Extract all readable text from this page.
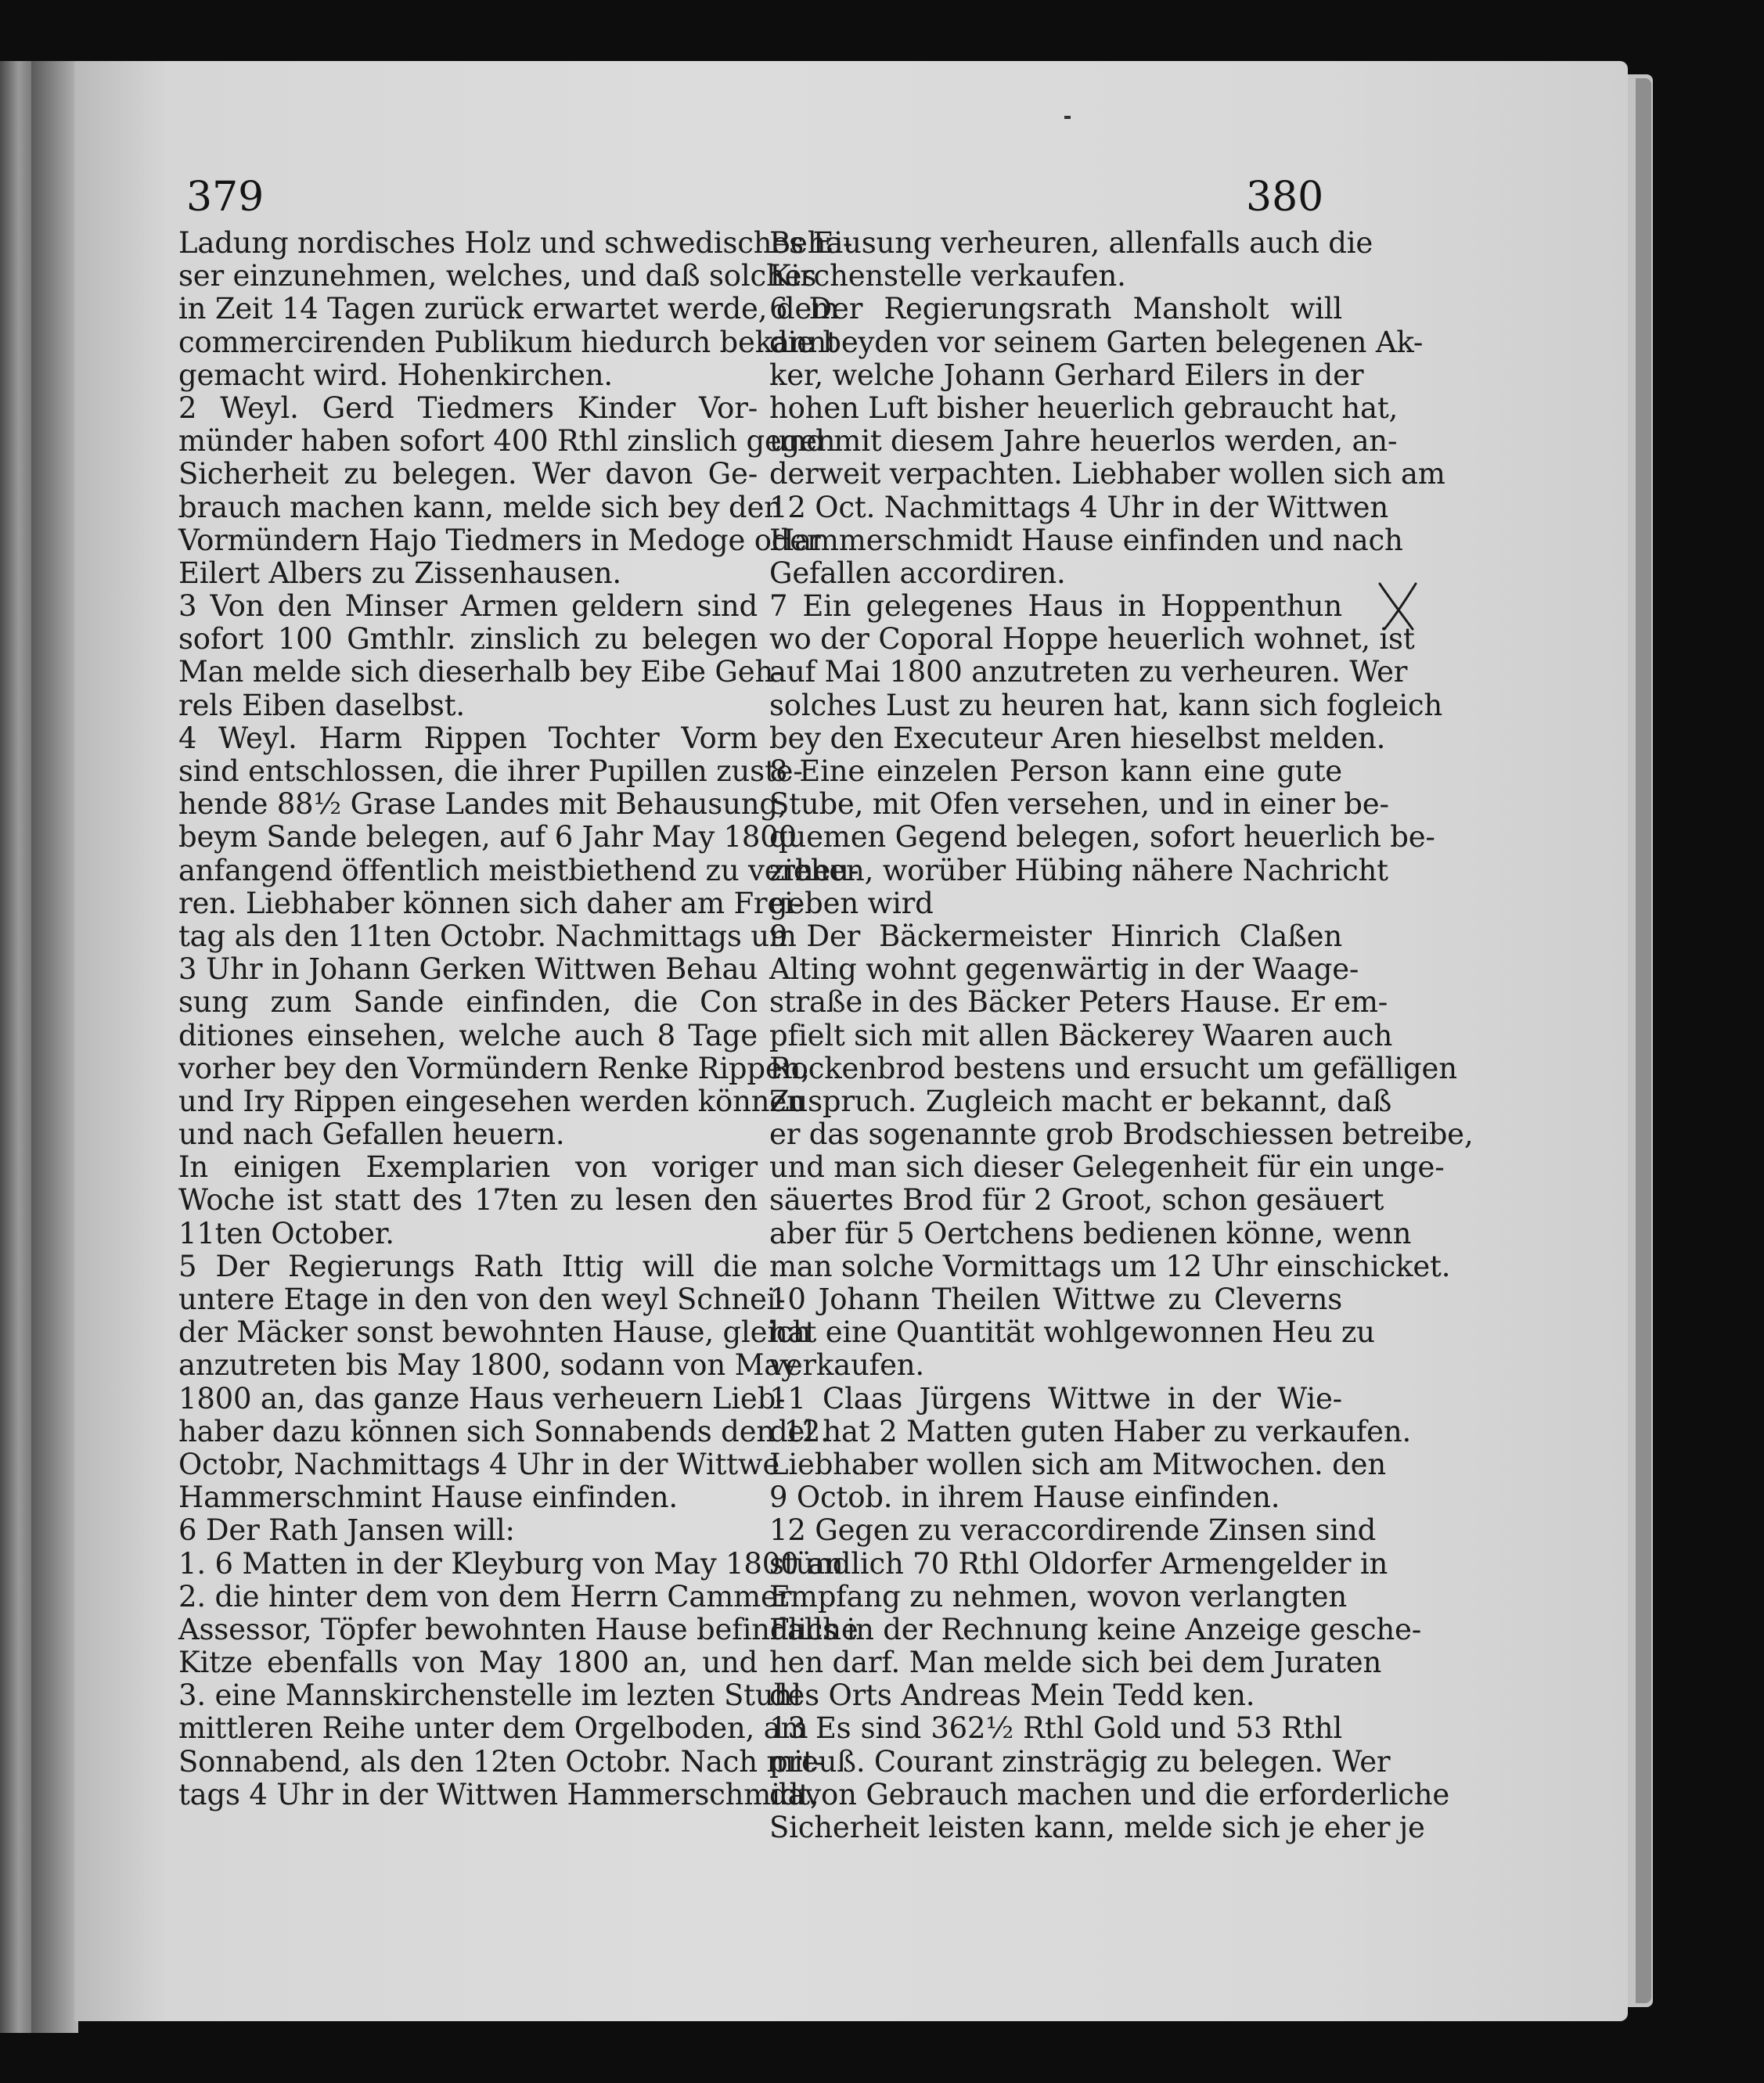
379	380
Ladung nordisches Holz und schwedisches Ei-
ser einzunehmen, welches, und daß solches
in Zeit 14 Tagen zurück erwartet werde, dem
commercirenden Publikum hiedurch bekannt
gemacht wird. Hohenkirchen.
2 Weyl. Gerd Tiedmers Kinder Vor-
münder haben sofort 400 Rthl zinslich gegen
Sicherheit zu belegen. Wer davon Ge-
brauch machen kann, melde sich bey den
Vormündern Hajo Tiedmers in Medoge oder
Eilert Albers zu Zissenhausen.
3 Von den Minser Armen geldern sind
sofort 100 Gmthlr. zinslich zu belegen
Man melde sich dieserhalb bey Eibe Geh-
rels Eiben daselbst.
4 Weyl. Harm Rippen Tochter Vorm
sind entschlossen, die ihrer Pupillen zuste-
hende 88½ Grase Landes mit Behausung,
beym Sande belegen, auf 6 Jahr May 1800
anfangend öffentlich meistbiethend zu verheu-
ren. Liebhaber können sich daher am Frei-
tag als den 11ten Octobr. Nachmittags um
3 Uhr in Johann Gerken Wittwen Behau
sung zum Sande einfinden, die Con
ditiones einsehen, welche auch 8 Tage
vorher bey den Vormündern Renke Rippen,
und Iry Rippen eingesehen werden können
und nach Gefallen heuern.
In einigen Exemplarien von voriger
Woche ist statt des 17ten zu lesen den
11ten October.
5 Der Regierungs Rath Ittig will die
untere Etage in den von den weyl Schnei-
der Mäcker sonst bewohnten Hause, gleich
anzutreten bis May 1800, sodann von May
1800 an, das ganze Haus verheuern Lieb-
haber dazu können sich Sonnabends den 12.
Octobr, Nachmittags 4 Uhr in der Wittwe
Hammerschmint Hause einfinden.
6 Der Rath Jansen will:
1. 6 Matten in der Kleyburg von May 1800 an
2. die hinter dem von dem Herrn Cammer
Assessor, Töpfer bewohnten Hause befindliche
Kitze ebenfalls von May 1800 an, und
3. eine Mannskirchenstelle im lezten Stuhl
mittleren Reihe unter dem Orgelboden, am
Sonnabend, als den 12ten Octobr. Nach mit-
tags 4 Uhr in der Wittwen Hammerschmidt,
Behausung verheuren, allenfalls auch die
Kirchenstelle verkaufen.
6 Der Regierungsrath Mansholt will
die beyden vor seinem Garten belegenen Ak-
ker, welche Johann Gerhard Eilers in der
hohen Luft bisher heuerlich gebraucht hat,
und mit diesem Jahre heuerlos werden, an-
derweit verpachten. Liebhaber wollen sich am
12 Oct. Nachmittags 4 Uhr in der Wittwen
Hammerschmidt Hause einfinden und nach
Gefallen accordiren.
7 Ein gelegenes Haus in Hoppenthun
wo der Coporal Hoppe heuerlich wohnet, ist
auf Mai 1800 anzutreten zu verheuren. Wer
solches Lust zu heuren hat, kann sich fogleich
bey den Executeur Aren hieselbst melden.
8 Eine einzelen Person kann eine gute
Stube, mit Ofen versehen, und in einer be-
quemen Gegend belegen, sofort heuerlich be-
ziehen, worüber Hübing nähere Nachricht
geben wird
9 Der Bäckermeister Hinrich Claßen
Alting wohnt gegenwärtig in der Waage-
straße in des Bäcker Peters Hause. Er em-
pfielt sich mit allen Bäckerey Waaren auch
Rockenbrod bestens und ersucht um gefälligen
Zuspruch. Zugleich macht er bekannt, daß
er das sogenannte grob Brodschiessen betreibe,
und man sich dieser Gelegenheit für ein unge-
säuertes Brod für 2 Groot, schon gesäuert
aber für 5 Oertchens bedienen könne, wenn
man solche Vormittags um 12 Uhr einschicket.
10 Johann Theilen Wittwe zu Cleverns
hat eine Quantität wohlgewonnen Heu zu
verkaufen.
11 Claas Jürgens Wittwe in der Wie-
del hat 2 Matten guten Haber zu verkaufen.
Liebhaber wollen sich am Mitwochen. den
9 Octob. in ihrem Hause einfinden.
12 Gegen zu veraccordirende Zinsen sind
stündlich 70 Rthl Oldorfer Armengelder in
Empfang zu nehmen, wovon verlangten
Falls in der Rechnung keine Anzeige gesche-
hen darf. Man melde sich bei dem Juraten
des Orts Andreas Mein Tedd ken.
13 Es sind 362½ Rthl Gold und 53 Rthl
preuß. Courant zinsträgig zu belegen. Wer
davon Gebrauch machen und die erforderliche
Sicherheit leisten kann, melde sich je eher je
